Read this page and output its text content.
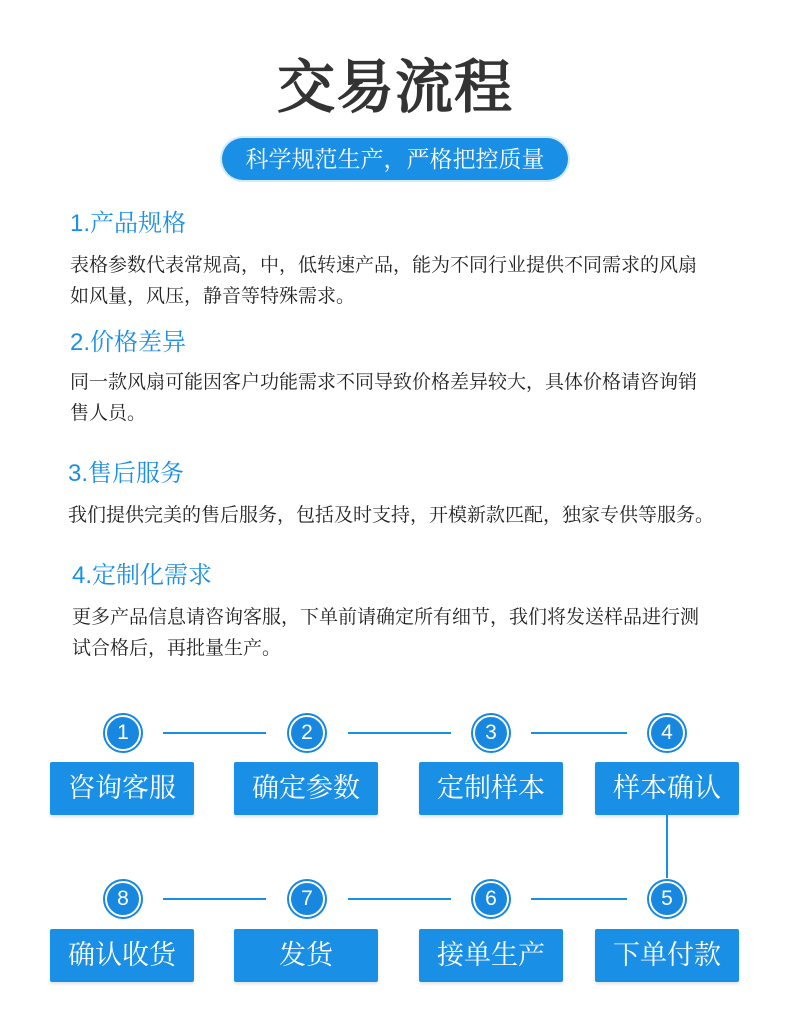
交易流程
科学规范生产，严格把控质量
1.产品规格
表格参数代表常规高，中，低转速产品，能为不同行业提供不同需求的风扇
如风量，风压，静音等特殊需求。
2.价格差异
同一款风扇可能因客户功能需求不同导致价格差异较大，具体价格请咨询销
售人员。
3.售后服务
我们提供完美的售后服务，包括及时支持，开模新款匹配，独家专供等服务。
4.定制化需求
更多产品信息请咨询客服，下单前请确定所有细节，我们将发送样品进行测
试合格后，再批量生产。
1	2	3	4
咨询客服	确定参数	定制样本	样本确认
8	7	6	5
确认收货	发货	接单生产	下单付款
